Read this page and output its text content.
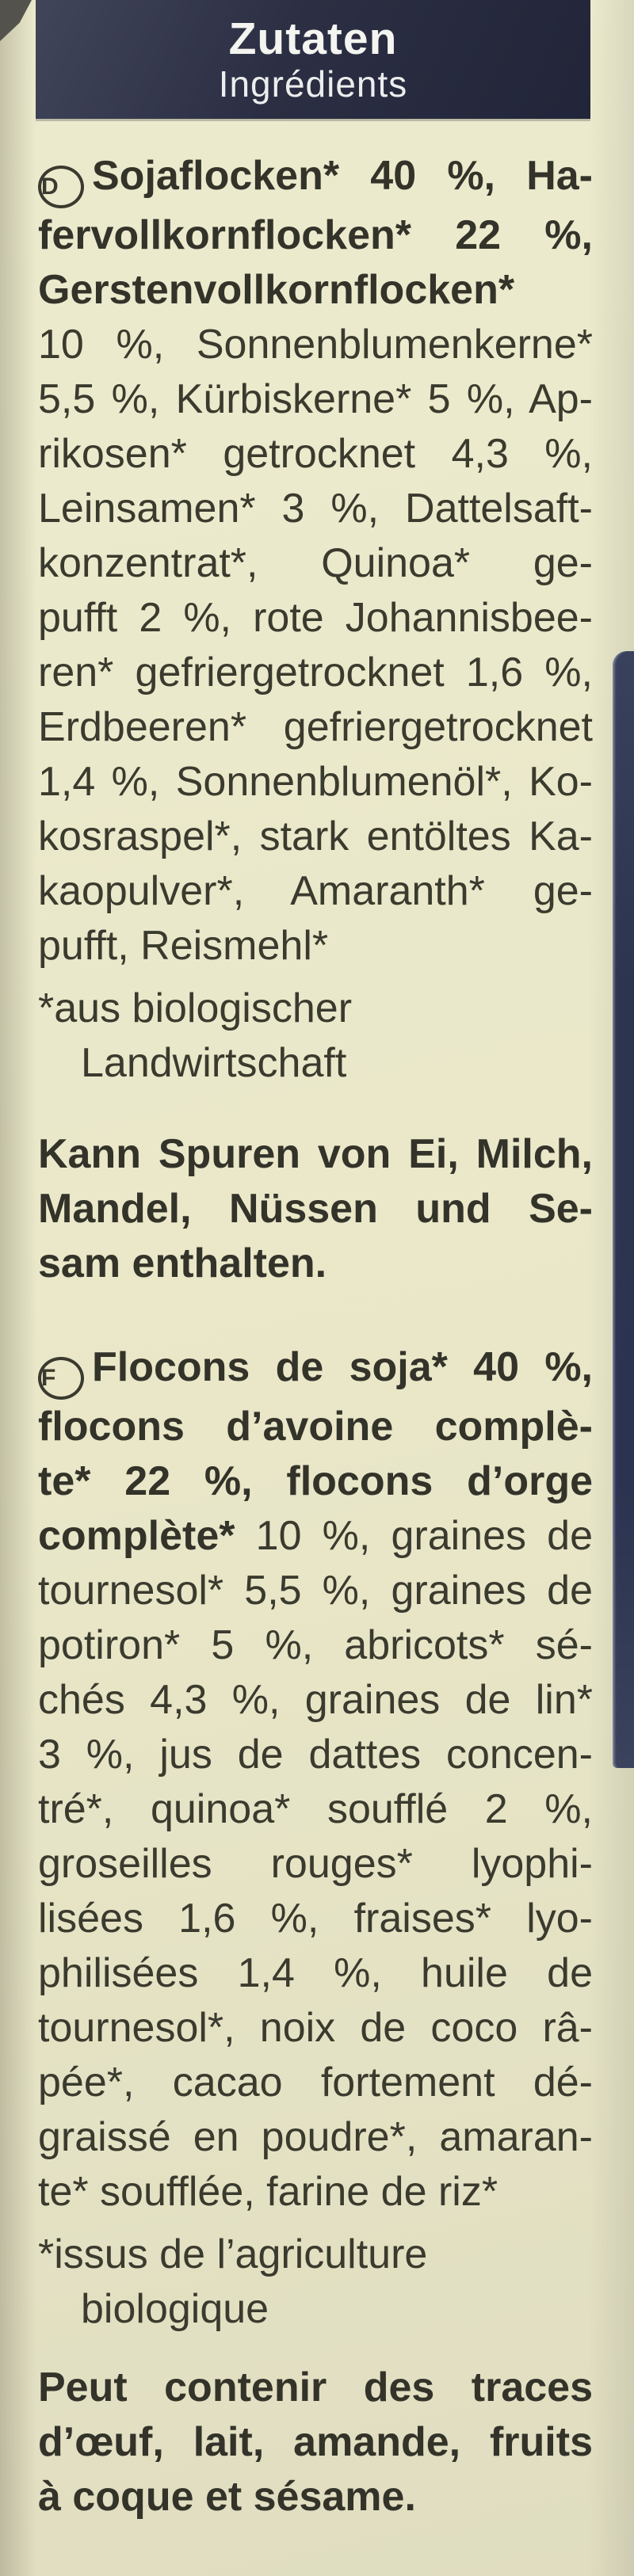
Zutaten
Ingrédients
D Sojaflocken* 40 %, Ha-
fervollkornflocken* 22 %,
Gerstenvollkornflocken*
10 %, Sonnenblumenkerne*
5,5 %, Kürbiskerne* 5 %, Ap-
rikosen* getrocknet 4,3 %,
Leinsamen* 3 %, Dattelsaft-
konzentrat*, Quinoa* ge-
pufft 2 %, rote Johannisbee-
ren* gefriergetrocknet 1,6 %,
Erdbeeren* gefriergetrocknet
1,4 %, Sonnenblumenöl*, Ko-
kosraspel*, stark entöltes Ka-
kaopulver*, Amaranth* ge-
pufft, Reismehl*
*aus biologischer
Landwirtschaft
Kann Spuren von Ei, Milch,
Mandel, Nüssen und Se-
sam enthalten.
F Flocons de soja* 40 %,
flocons d’avoine complè-
te* 22 %, flocons d’orge
complète* 10 %, graines de
tournesol* 5,5 %, graines de
potiron* 5 %, abricots* sé-
chés 4,3 %, graines de lin*
3 %, jus de dattes concen-
tré*, quinoa* soufflé 2 %,
groseilles rouges* lyophi-
lisées 1,6 %, fraises* lyo-
philisées 1,4 %, huile de
tournesol*, noix de coco râ-
pée*, cacao fortement dé-
graissé en poudre*, amaran-
te* soufflée, farine de riz*
*issus de l’agriculture
biologique
Peut contenir des traces
d’œuf, lait, amande, fruits
à coque et sésame.
